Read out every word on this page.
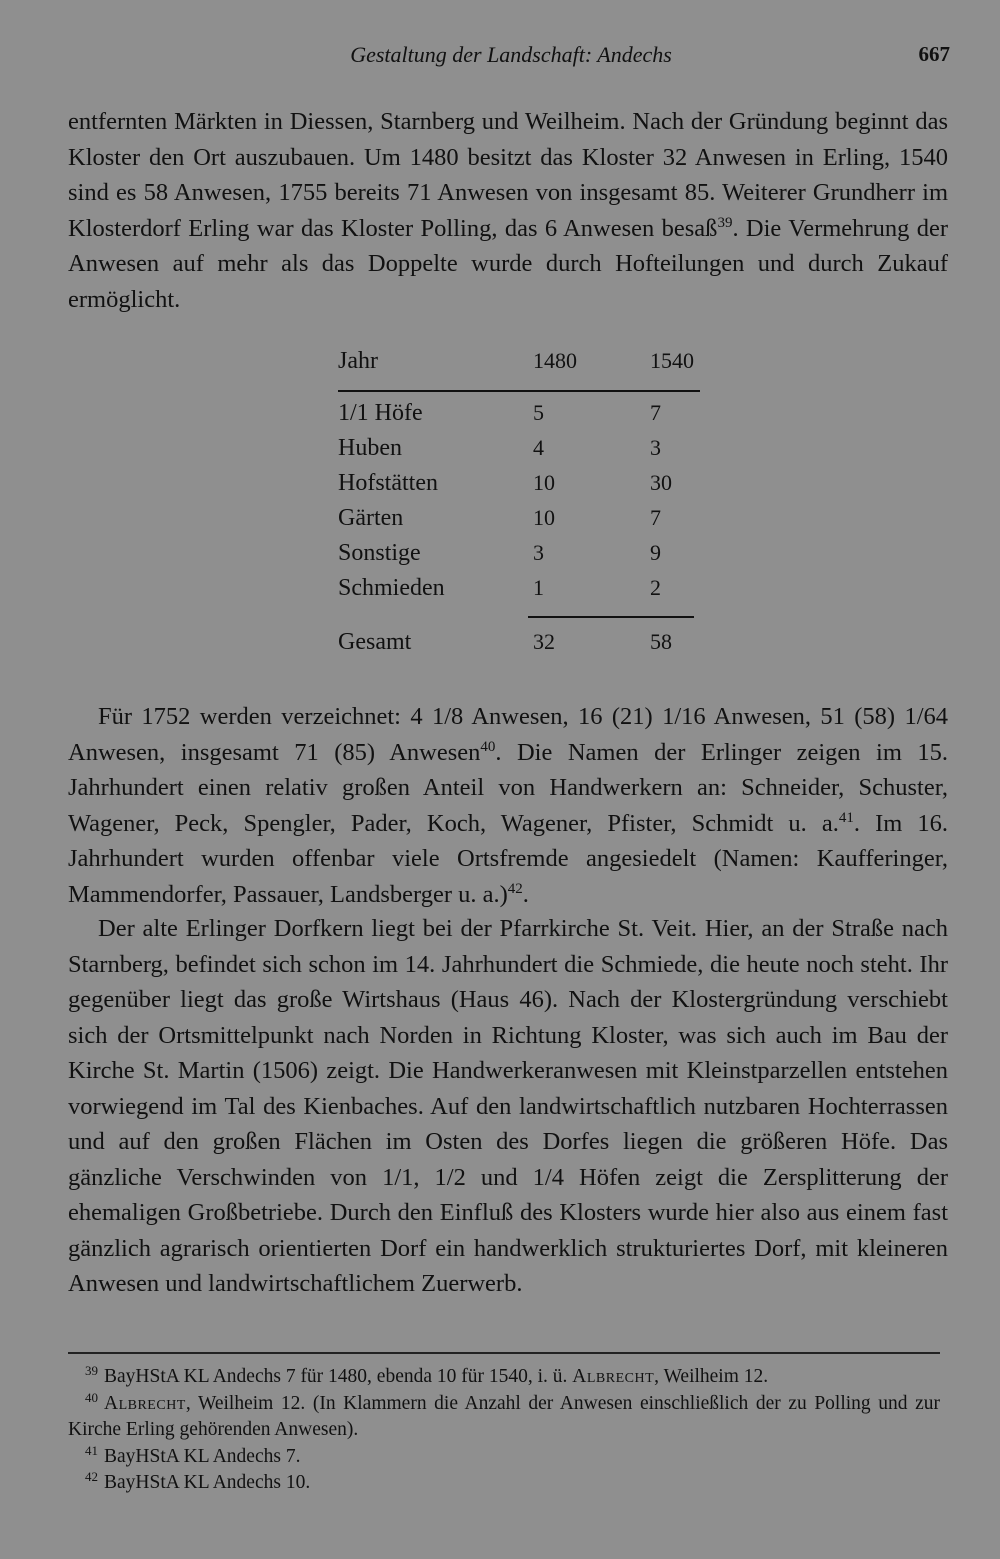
Gestaltung der Landschaft: Andechs	667

entfernten Märkten in Diessen, Starnberg und Weilheim. Nach der Gründung beginnt das Kloster den Ort auszubauen. Um 1480 besitzt das Kloster 32 Anwesen in Erling, 1540 sind es 58 Anwesen, 1755 bereits 71 Anwesen von insgesamt 85. Weiterer Grundherr im Klosterdorf Erling war das Kloster Polling, das 6 Anwesen besaß$^{39}$. Die Vermehrung der Anwesen auf mehr als das Doppelte wurde durch Hofteilungen und durch Zukauf ermöglicht.

Jahr	1480	1540
1/1 Höfe	5	7
Huben	4	3
Hofstätten	10	30
Gärten	10	7
Sonstige	3	9
Schmieden	1	2
Gesamt	32	58

Für 1752 werden verzeichnet: 4 1/8 Anwesen, 16 (21) 1/16 Anwesen, 51 (58) 1/64 Anwesen, insgesamt 71 (85) Anwesen$^{40}$. Die Namen der Erlinger zeigen im 15. Jahrhundert einen relativ großen Anteil von Handwerkern an: Schneider, Schuster, Wagener, Peck, Spengler, Pader, Koch, Wagener, Pfister, Schmidt u. a.$^{41}$. Im 16. Jahrhundert wurden offenbar viele Ortsfremde angesiedelt (Namen: Kaufferinger, Mammendorfer, Passauer, Landsberger u. a.)$^{42}$.

Der alte Erlinger Dorfkern liegt bei der Pfarrkirche St. Veit. Hier, an der Straße nach Starnberg, befindet sich schon im 14. Jahrhundert die Schmiede, die heute noch steht. Ihr gegenüber liegt das große Wirtshaus (Haus 46). Nach der Klostergründung verschiebt sich der Ortsmittelpunkt nach Norden in Richtung Kloster, was sich auch im Bau der Kirche St. Martin (1506) zeigt. Die Handwerkeranwesen mit Kleinstparzellen entstehen vorwiegend im Tal des Kienbaches. Auf den landwirtschaftlich nutzbaren Hochterrassen und auf den großen Flächen im Osten des Dorfes liegen die größeren Höfe. Das gänzliche Verschwinden von 1/1, 1/2 und 1/4 Höfen zeigt die Zersplitterung der ehemaligen Großbetriebe. Durch den Einfluß des Klosters wurde hier also aus einem fast gänzlich agrarisch orientierten Dorf ein handwerklich strukturiertes Dorf, mit kleineren Anwesen und landwirtschaftlichem Zuerwerb.

39 BayHStA KL Andechs 7 für 1480, ebenda 10 für 1540, i. ü. Albrecht, Weilheim 12.

40 Albrecht, Weilheim 12. (In Klammern die Anzahl der Anwesen einschließlich der zu Polling und zur Kirche Erling gehörenden Anwesen).

41 BayHStA KL Andechs 7.

42 BayHStA KL Andechs 10.
